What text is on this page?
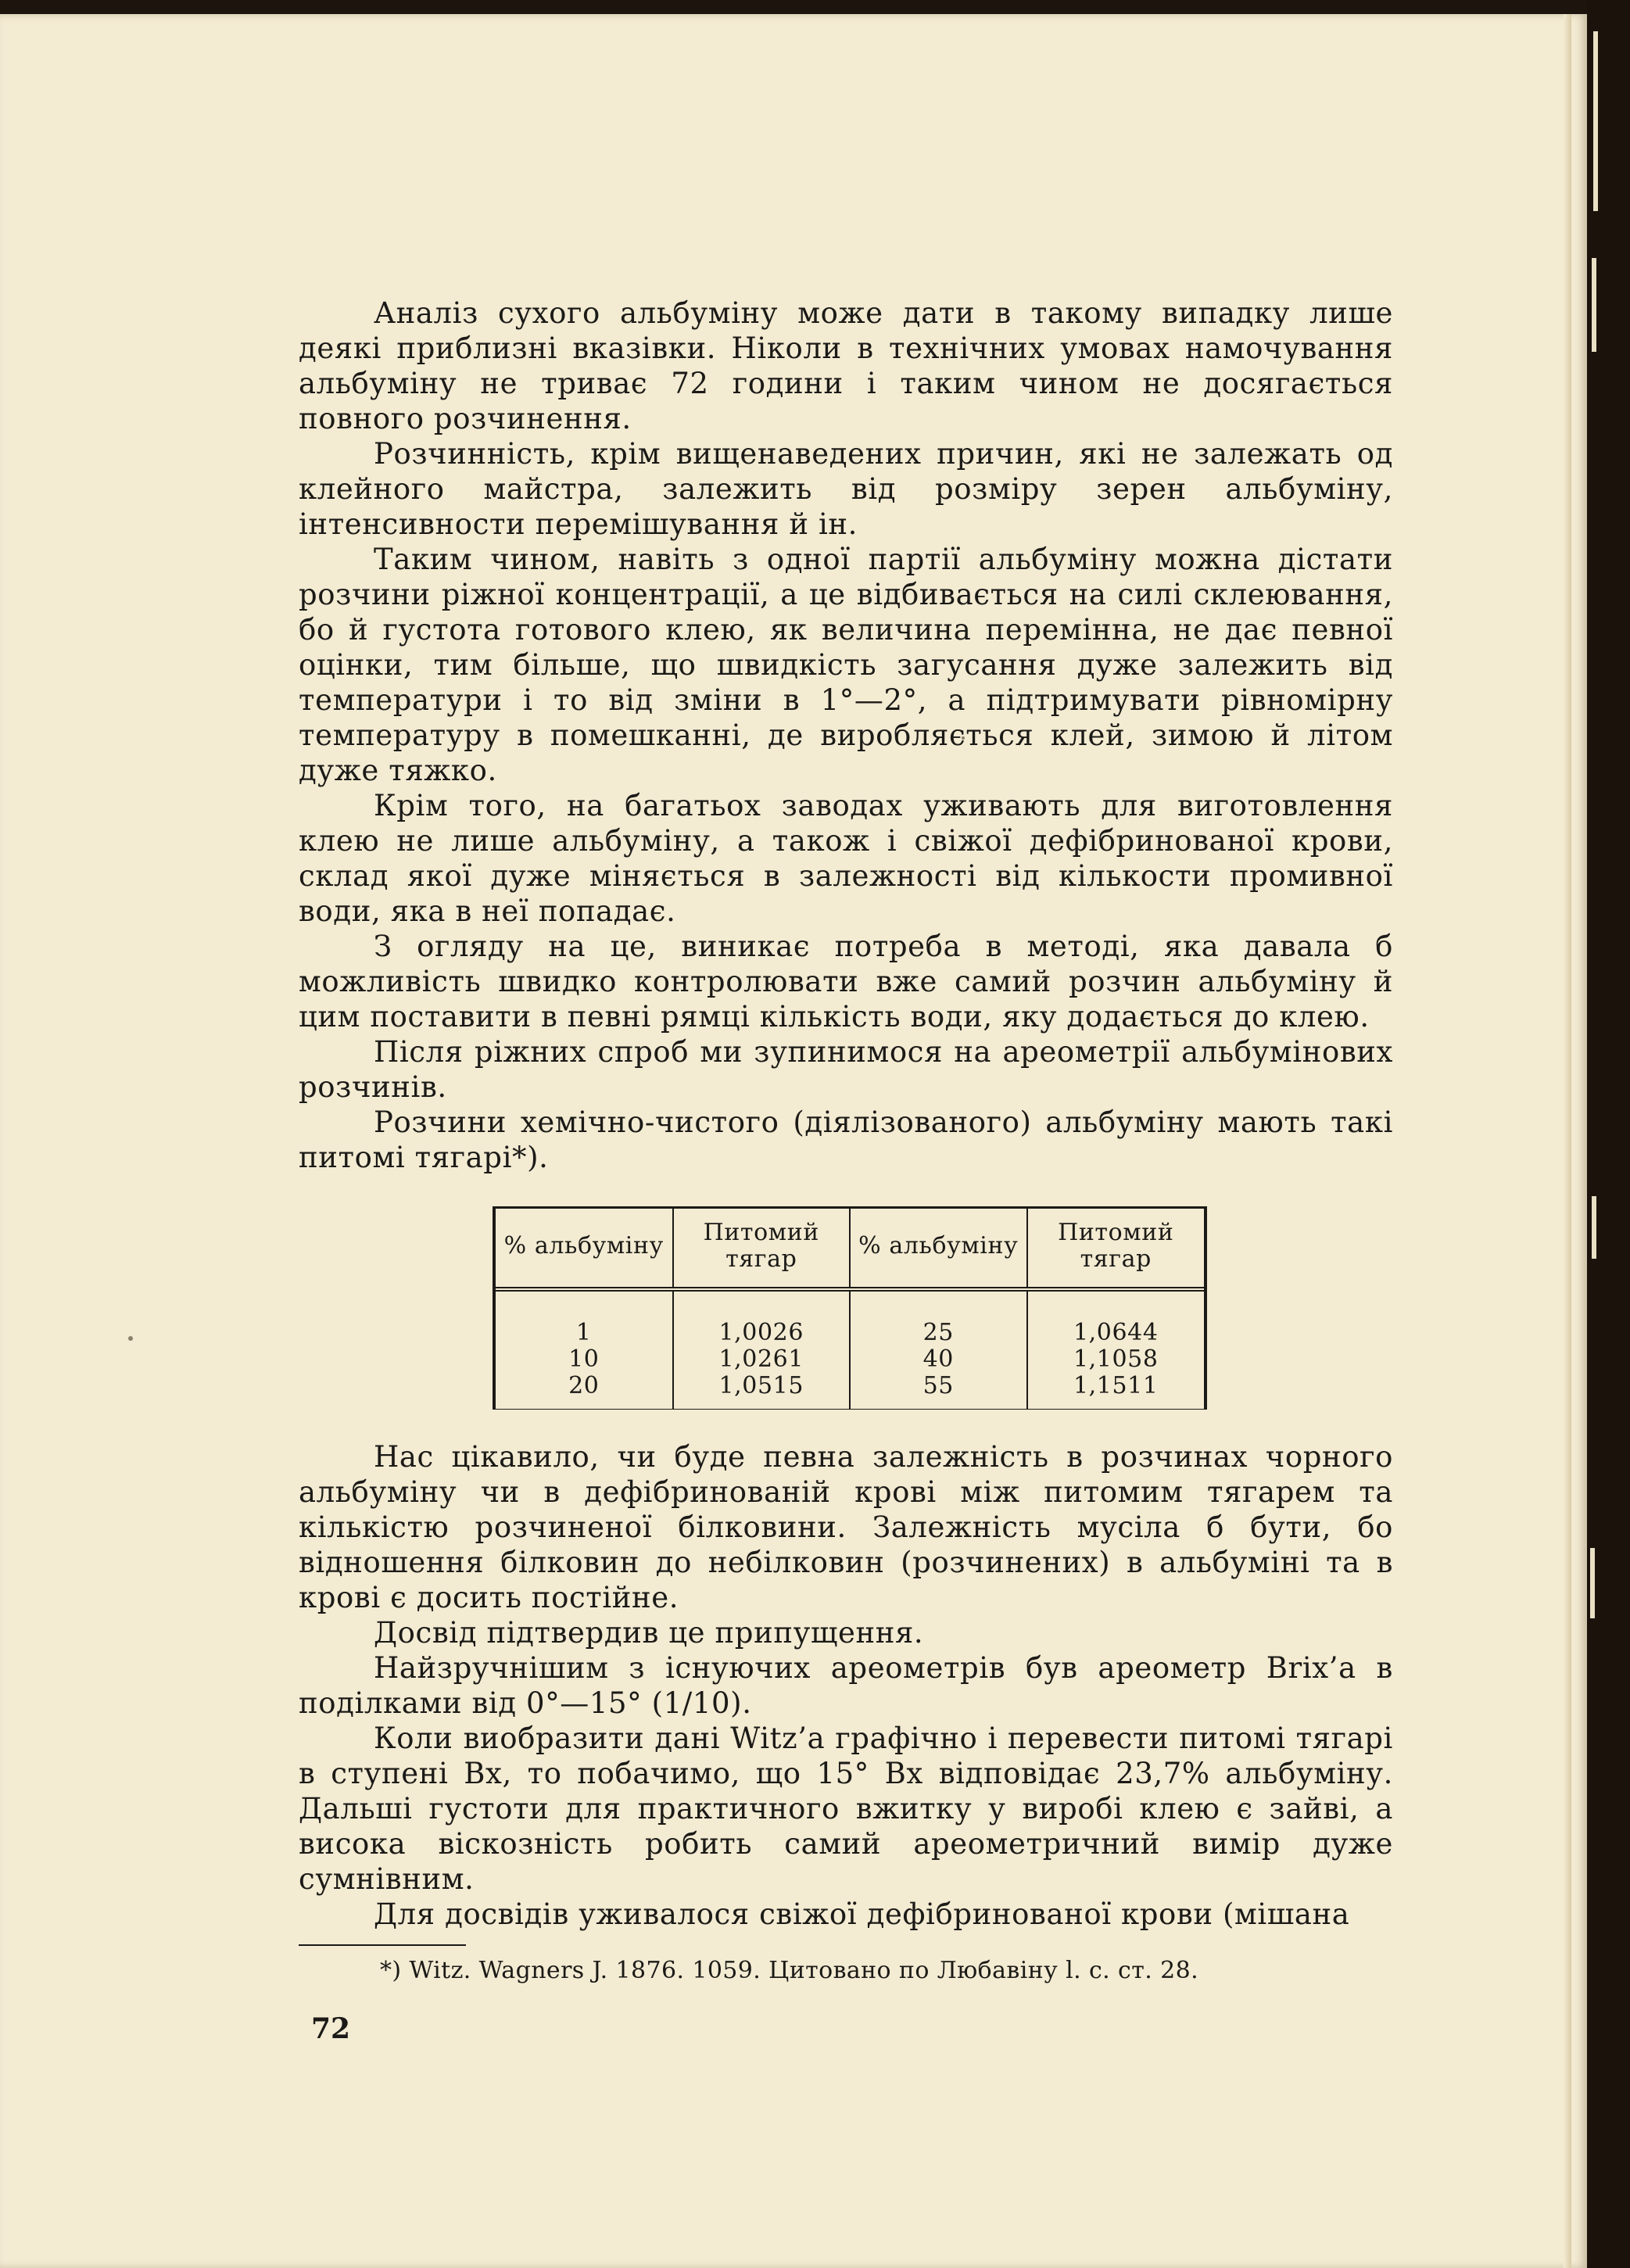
Аналіз сухого альбуміну може дати в такому випадку лише деякі приблизні вказівки. Ніколи в технічних умовах намочування альбуміну не триває 72 години і таким чином не досягається повного розчинення.

Розчинність, крім вищенаведених причин, які не залежать од клейного майстра, залежить від розміру зерен альбуміну, інтенсивности перемішування й ін.

Таким чином, навіть з одної партії альбуміну можна дістати розчини ріжної концентрації, а це відбивається на силі склеювання, бо й густота готового клею, як величина перемінна, не дає певної оцінки, тим більше, що швидкість загусання дуже залежить від температури і то від зміни в 1°—2°, а підтримувати рівномірну температуру в помешканні, де виробляється клей, зимою й літом дуже тяжко.

Крім того, на багатьох заводах уживають для виготовлення клею не лише альбуміну, а також і свіжої дефібринованої крови, склад якої дуже міняється в залежності від кількости промивної води, яка в неї попадає.

З огляду на це, виникає потреба в методі, яка давала б можливість швидко контролювати вже самий розчин альбуміну й цим поставити в певні рямці кількість води, яку додається до клею.

Після ріжних спроб ми зупинимося на ареометрії альбумінових розчинів.

Розчини хемічно-чистого (діялізованого) альбуміну мають такі питомі тягарі*).

% альбуміну	Питомий тягар	% альбуміну	Питомий тягар
1	1,0026	25	1,0644
10	1,0261	40	1,1058
20	1,0515	55	1,1511

Нас цікавило, чи буде певна залежність в розчинах чорного альбуміну чи в дефібринованій крові між питомим тягарем та кількістю розчиненої білковини. Залежність мусіла б бути, бо відношення білковин до небілковин (розчинених) в альбуміні та в крові є досить постійне.

Досвід підтвердив це припущення.

Найзручнішим з існуючих ареометрів був ареометр Brix’а в поділками від 0°—15° (1/10).

Коли виобразити дані Witz’а графічно і перевести питомі тягарі в ступені Bx, то побачимо, що 15° Bx відповідає 23,7% альбуміну. Дальші густоти для практичного вжитку у виробі клею є зайві, а висока віскозність робить самий ареометричний вимір дуже сумнівним.

Для досвідів уживалося свіжої дефібринованої крови (мішана

*) Witz. Wagners J. 1876. 1059. Цитовано по Любавіну l. c. ст. 28.

72
